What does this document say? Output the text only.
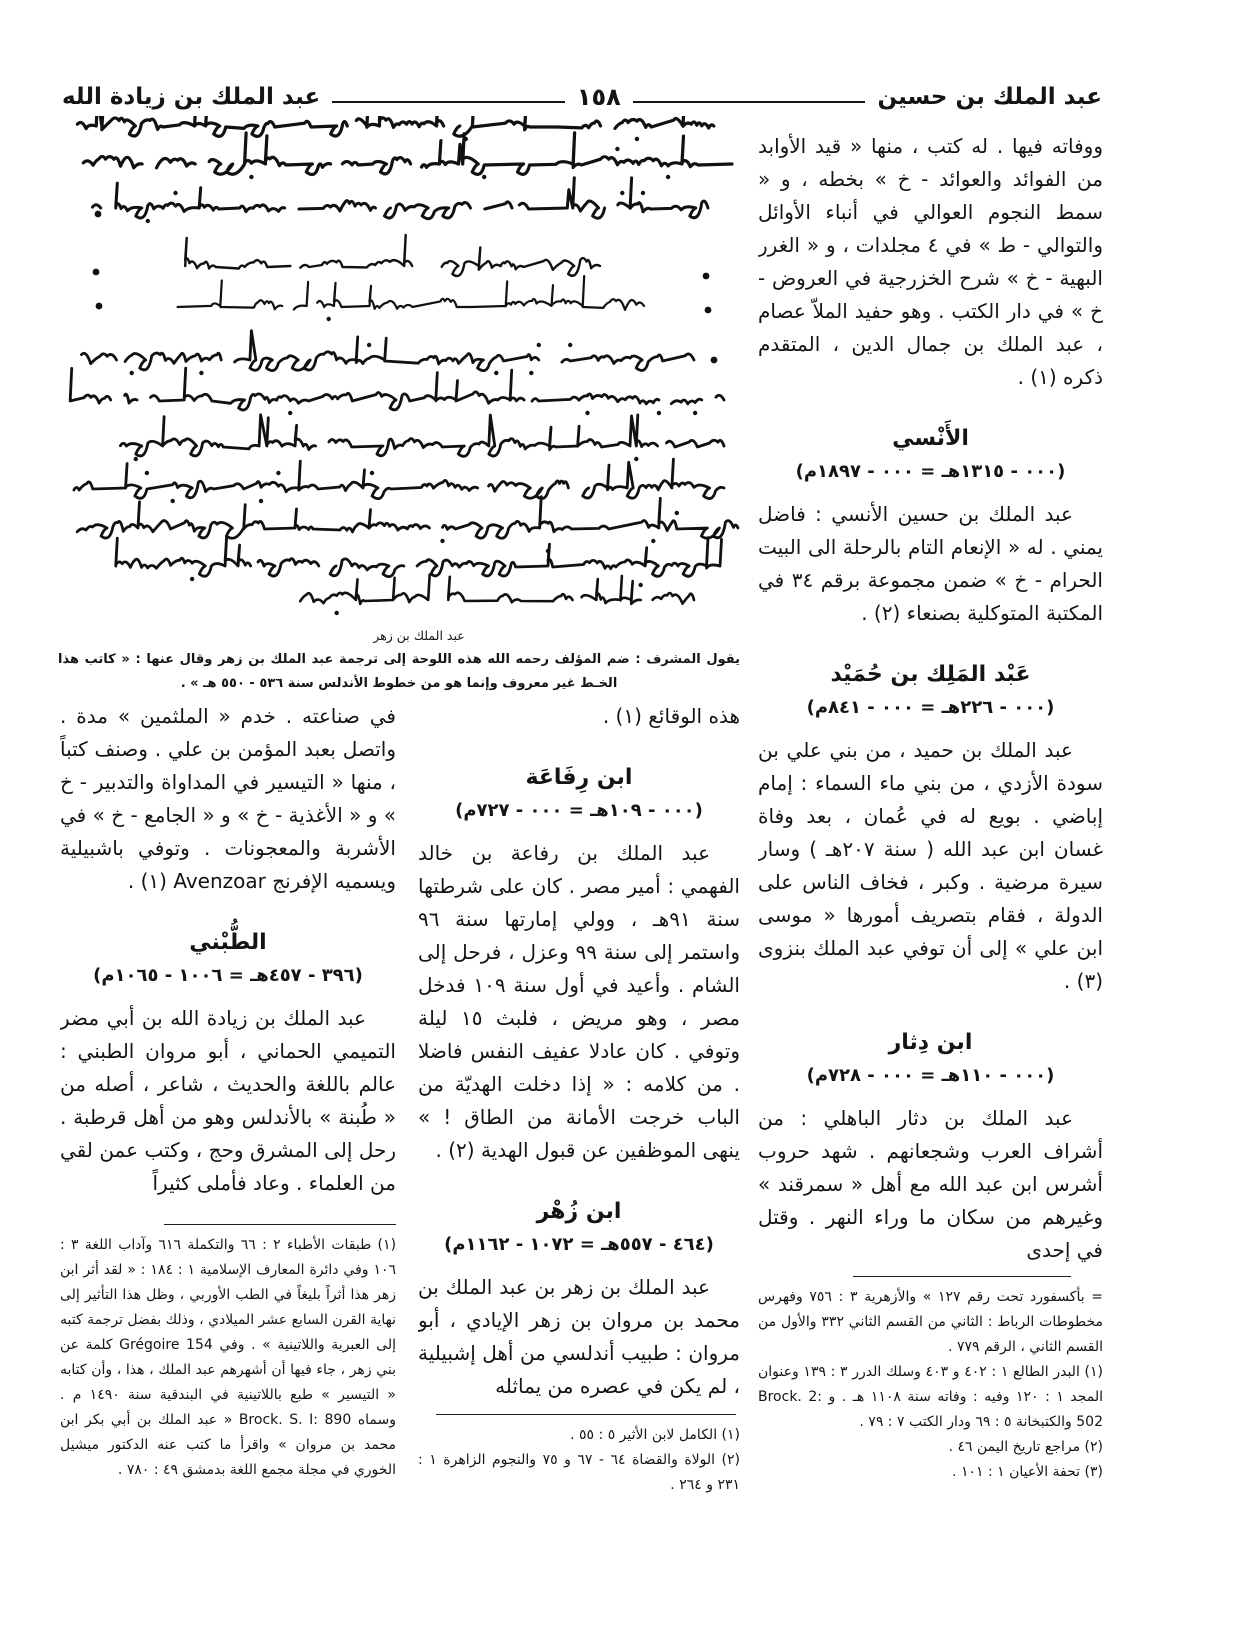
عبد الملك بن حسين
١٥٨
عبد الملك بن زيادة الله
عبد الملك بن زهر

يقول المشرف : ضم المؤلف رحمه الله هذه اللوحة إلى ترجمة عبد الملك بن زهر وقال عنها : « كاتب هذا الخـط غير معروف وإنما هو من خطوط الأندلس سنة ٥٣٦ - ٥٥٠ هـ » .

ووفاته فيها . له كتب ، منها « قيد الأوابد من الفوائد والعوائد - خ » بخطه ، و « سمط النجوم العوالي في أنباء الأوائل والتوالي - ط » في ٤ مجلدات ، و « الغرر البهية - خ » شرح الخزرجية في العروض - خ » في دار الكتب . وهو حفيد الملاّ عصام ، عبد الملك بن جمال الدين ، المتقدم ذكره (١) .

الأَنْسي
(٠٠٠ - ١٣١٥هـ = ٠٠٠ - ١٨٩٧م)

عبد الملك بن حسين الأنسي : فاضل يمني . له « الإنعام التام بالرحلة الى البيت الحرام - خ » ضمن مجموعة برقم ٣٤ في المكتبة المتوكلية بصنعاء (٢) .

عَبْد المَلِك بن حُمَيْد
(٠٠٠ - ٢٢٦هـ = ٠٠٠ - ٨٤١م)

عبد الملك بن حميد ، من بني علي بن سودة الأزدي ، من بني ماء السماء : إمام إباضي . بويع له في عُمان ، بعد وفاة غسان ابن عبد الله ( سنة ٢٠٧هـ ) وسار سيرة مرضية . وكبر ، فخاف الناس على الدولة ، فقام بتصريف أمورها « موسى ابن علي » إلى أن توفي عبد الملك بنزوى (٣) .

ابن دِثار
(٠٠٠ - ١١٠هـ = ٠٠٠ - ٧٢٨م)

عبد الملك بن دثار الباهلي : من أشراف العرب وشجعانهم . شهد حروب أشرس ابن عبد الله مع أهل « سمرقند » وغيرهم من سكان ما وراء النهر . وقتل في إحدى

= بأكسفورد تحت رقم ١٢٧ » والأزهرية ٣ : ٧٥٦ وفهرس مخطوطات الرباط : الثاني من القسم الثاني ٣٣٢ والأول من القسم الثاني ، الرقم ٧٧٩ .

(١) البدر الطالع ١ : ٤٠٢ و ٤٠٣ وسلك الدرر ٣ : ١٣٩ وعنوان المجد ١ : ١٢٠ وفيه : وفاته سنة ١١٠٨ هـ . و Brock. 2: 502 والكتبخانة ٥ : ٦٩ ودار الكتب ٧ : ٧٩ .

(٢) مراجع تاريخ اليمن ٤٦ .

(٣) تحفة الأعيان ١ : ١٠١ .

هذه الوقائع (١) .

ابن رِفَاعَة
(٠٠٠ - ١٠٩هـ = ٠٠٠ - ٧٢٧م)

عبد الملك بن رفاعة بن خالد الفهمي : أمير مصر . كان على شرطتها سنة ٩١هـ ، وولي إمارتها سنة ٩٦ واستمر إلى سنة ٩٩ وعزل ، فرحل إلى الشام . وأعيد في أول سنة ١٠٩ فدخل مصر ، وهو مريض ، فلبث ١٥ ليلة وتوفي . كان عادلا عفيف النفس فاضلا . من كلامه : « إذا دخلت الهديّة من الباب خرجت الأمانة من الطاق ! » ينهى الموظفين عن قبول الهدية (٢) .

ابن زُهْر
(٤٦٤ - ٥٥٧هـ = ١٠٧٢ - ١١٦٢م)

عبد الملك بن زهر بن عبد الملك بن محمد بن مروان بن زهر الإيادي ، أبو مروان : طبيب أندلسي من أهل إشبيلية ، لم يكن في عصره من يماثله

(١) الكامل لابن الأثير ٥ : ٥٥ .

(٢) الولاة والقضاة ٦٤ - ٦٧ و ٧٥ والنجوم الزاهرة ١ : ٢٣١ و ٢٦٤ .

في صناعته . خدم « الملثمين » مدة . واتصل بعبد المؤمن بن علي . وصنف كتباً ، منها « التيسير في المداواة والتدبير - خ » و « الأغذية - خ » و « الجامع - خ » في الأشربة والمعجونات . وتوفي باشبيلية ويسميه الإفرنج Avenzoar (١) .

الطُّبْني
(٣٩٦ - ٤٥٧هـ = ١٠٠٦ - ١٠٦٥م)

عبد الملك بن زيادة الله بن أبي مضر التميمي الحماني ، أبو مروان الطبني : عالم باللغة والحديث ، شاعر ، أصله من « طُبنة » بالأندلس وهو من أهل قرطبة . رحل إلى المشرق وحج ، وكتب عمن لقي من العلماء . وعاد فأملى كثيراً

(١) طبقات الأطباء ٢ : ٦٦ والتكملة ٦١٦ وآداب اللغة ٣ : ١٠٦ وفي دائرة المعارف الإسلامية ١ : ١٨٤ : « لقد أثر ابن زهر هذا أثراً بليغاً في الطب الأوربي ، وظل هذا التأثير إلى نهاية القرن السابع عشر الميلادي ، وذلك بفضل ترجمة كتبه إلى العبرية واللاتينية » . وفي Grégoire 154 كلمة عن بني زهر ، جاء فيها أن أشهرهم عبد الملك ، هذا ، وأن كتابه « التيسير » طبع باللاتينية في البندقية سنة ١٤٩٠ م . وسماه Brock. S. I: 890 « عبد الملك بن أبي بكر ابن محمد بن مروان » واقرأ ما كتب عنه الدكتور ميشيل الخوري في مجلة مجمع اللغة بدمشق ٤٩ : ٧٨٠ .
